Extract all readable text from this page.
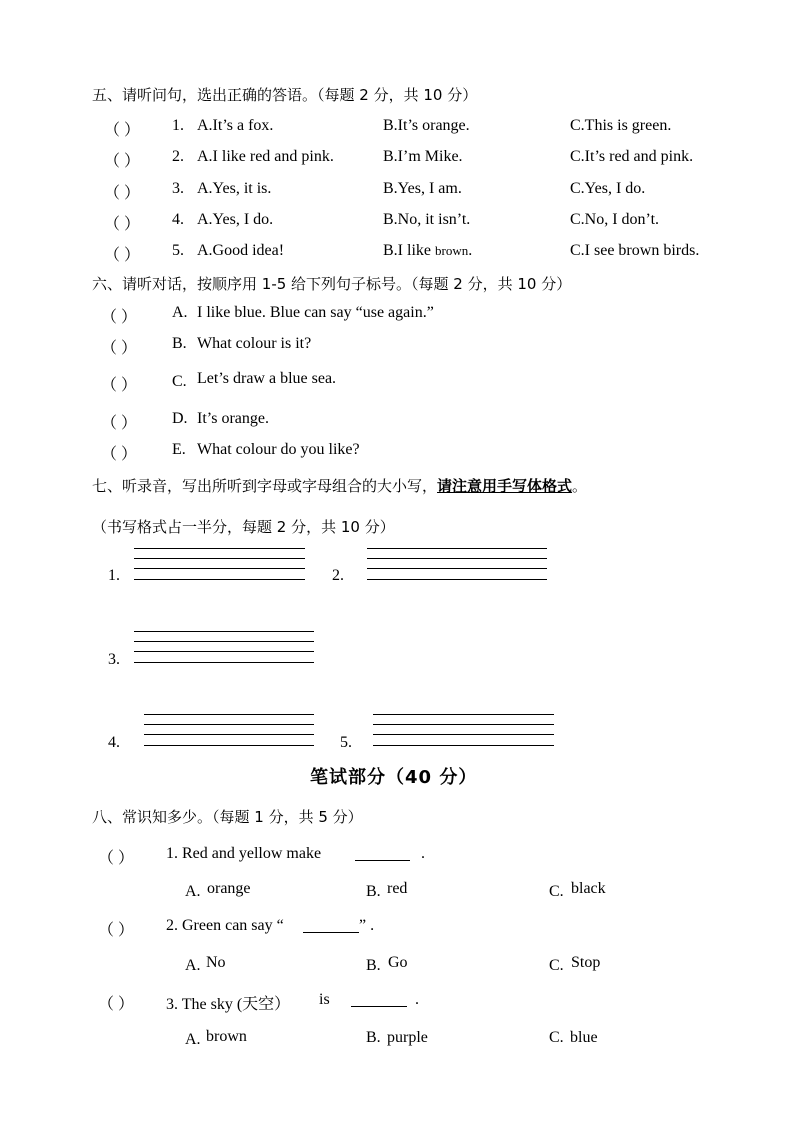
五、请听问句，选出正确的答语。（每题 2 分，共 10 分）
（ ） 1. A.It’s a fox.	B.It’s orange.	C.This is green.
（ ） 2. A.I like red and pink.	B.I’m Mike.	C.It’s red and pink.
（ ） 3. A.Yes, it is.	B.Yes, I am.	C.Yes, I do.
（ ） 4. A.Yes, I do.	B.No, it isn’t.	C.No, I don’t.
（ ） 5. A.Good idea!	B.I like brown.	C.I see brown birds.
六、请听对话，按顺序用 1-5 给下列句子标号。（每题 2 分，共 10 分）
（ ） A. I like blue. Blue can say “use again.”
（ ） B. What colour is it?
（ ） C. Let’s draw a blue sea.
（ ） D. It’s orange.
（ ） E. What colour do you like?
七、听录音，写出所听到字母或字母组合的大小写，请注意用手写体格式。
（书写格式占一半分，每题 2 分，共 10 分）
1.	2.
3.
4.	5.
笔试部分（40 分）
八、常识知多少。（每题 1 分，共 5 分）
（ ） 1. Red and yellow make	.
A. orange	B. red	C. black
（ ） 2. Green can say “	” .
A. No	B. Go	C. Stop
（ ） 3. The sky (天空） is	.
A. brown	B. purple	C. blue
